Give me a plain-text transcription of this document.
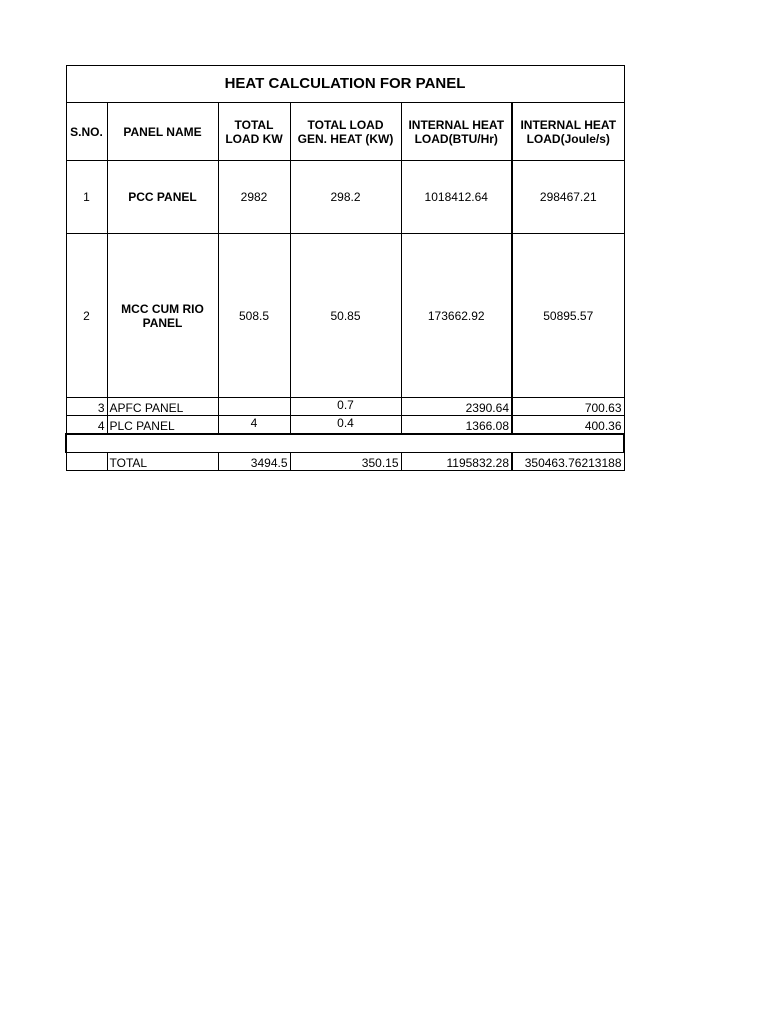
HEAT CALCULATION FOR PANEL					
S.NO.	PANEL NAME	TOTAL LOAD KW	TOTAL LOAD GEN. HEAT (KW)	INTERNAL HEAT LOAD(BTU/Hr)	INTERNAL HEAT LOAD(Joule/s)
1	PCC PANEL	2982	298.2	1018412.64	298467.21
2	MCC CUM RIO PANEL	508.5	50.85	173662.92	50895.57
3	APFC PANEL		0.7	2390.64	700.63
4	PLC PANEL	4	0.4	1366.08	400.36

	TOTAL	3494.5	350.15	1195832.28	350463.76213188
